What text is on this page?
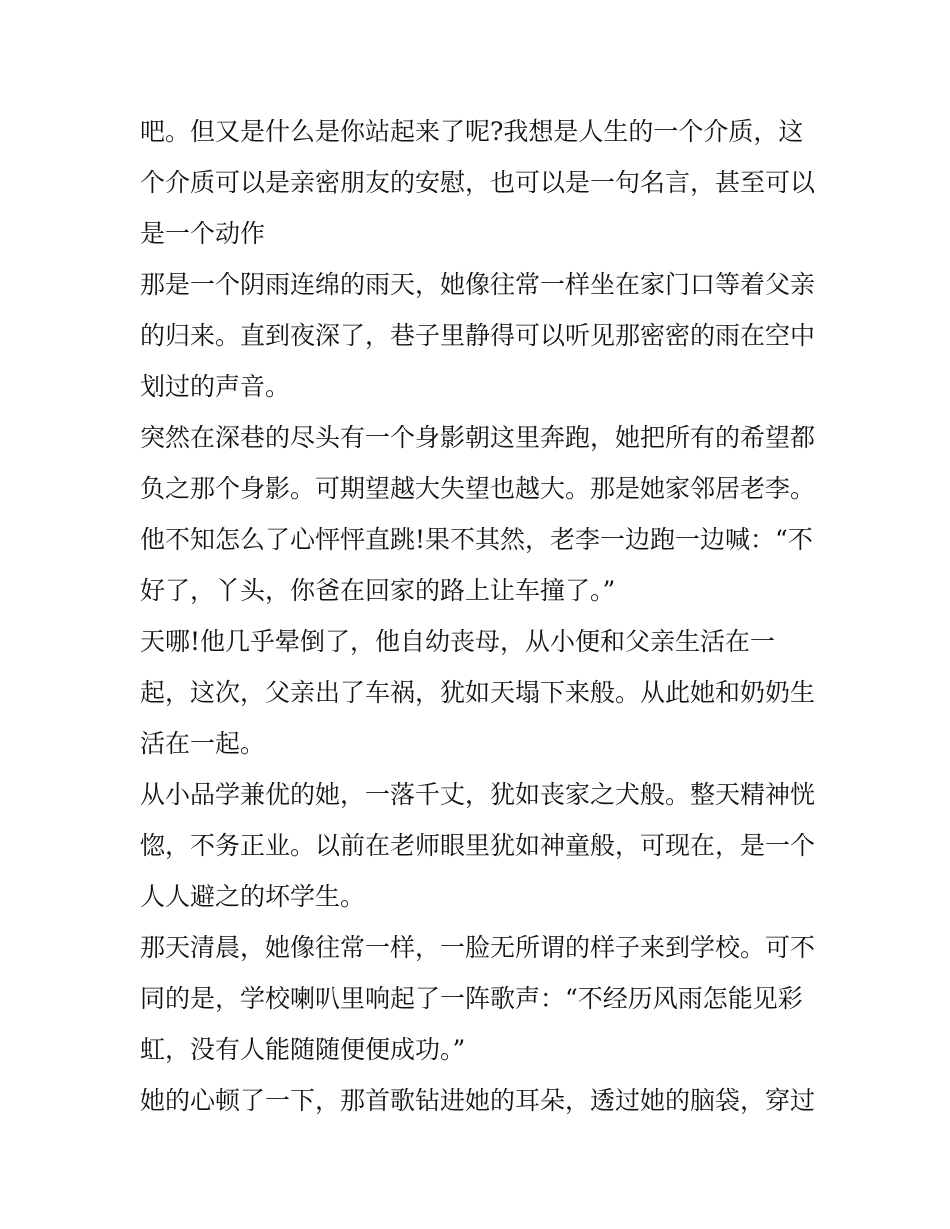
吧。但又是什么是你站起来了呢?我想是人生的一个介质，这
个介质可以是亲密朋友的安慰，也可以是一句名言，甚至可以
是一个动作
那是一个阴雨连绵的雨天，她像往常一样坐在家门口等着父亲
的归来。直到夜深了，巷子里静得可以听见那密密的雨在空中
划过的声音。
突然在深巷的尽头有一个身影朝这里奔跑，她把所有的希望都
负之那个身影。可期望越大失望也越大。那是她家邻居老李。
他不知怎么了心怦怦直跳!果不其然，老李一边跑一边喊：“不
好了，丫头，你爸在回家的路上让车撞了。”
天哪!他几乎晕倒了，他自幼丧母，从小便和父亲生活在一
起，这次，父亲出了车祸，犹如天塌下来般。从此她和奶奶生
活在一起。
从小品学兼优的她，一落千丈，犹如丧家之犬般。整天精神恍
惚，不务正业。以前在老师眼里犹如神童般，可现在，是一个
人人避之的坏学生。
那天清晨，她像往常一样，一脸无所谓的样子来到学校。可不
同的是，学校喇叭里响起了一阵歌声：“不经历风雨怎能见彩
虹，没有人能随随便便成功。”
她的心顿了一下，那首歌钻进她的耳朵，透过她的脑袋，穿过
